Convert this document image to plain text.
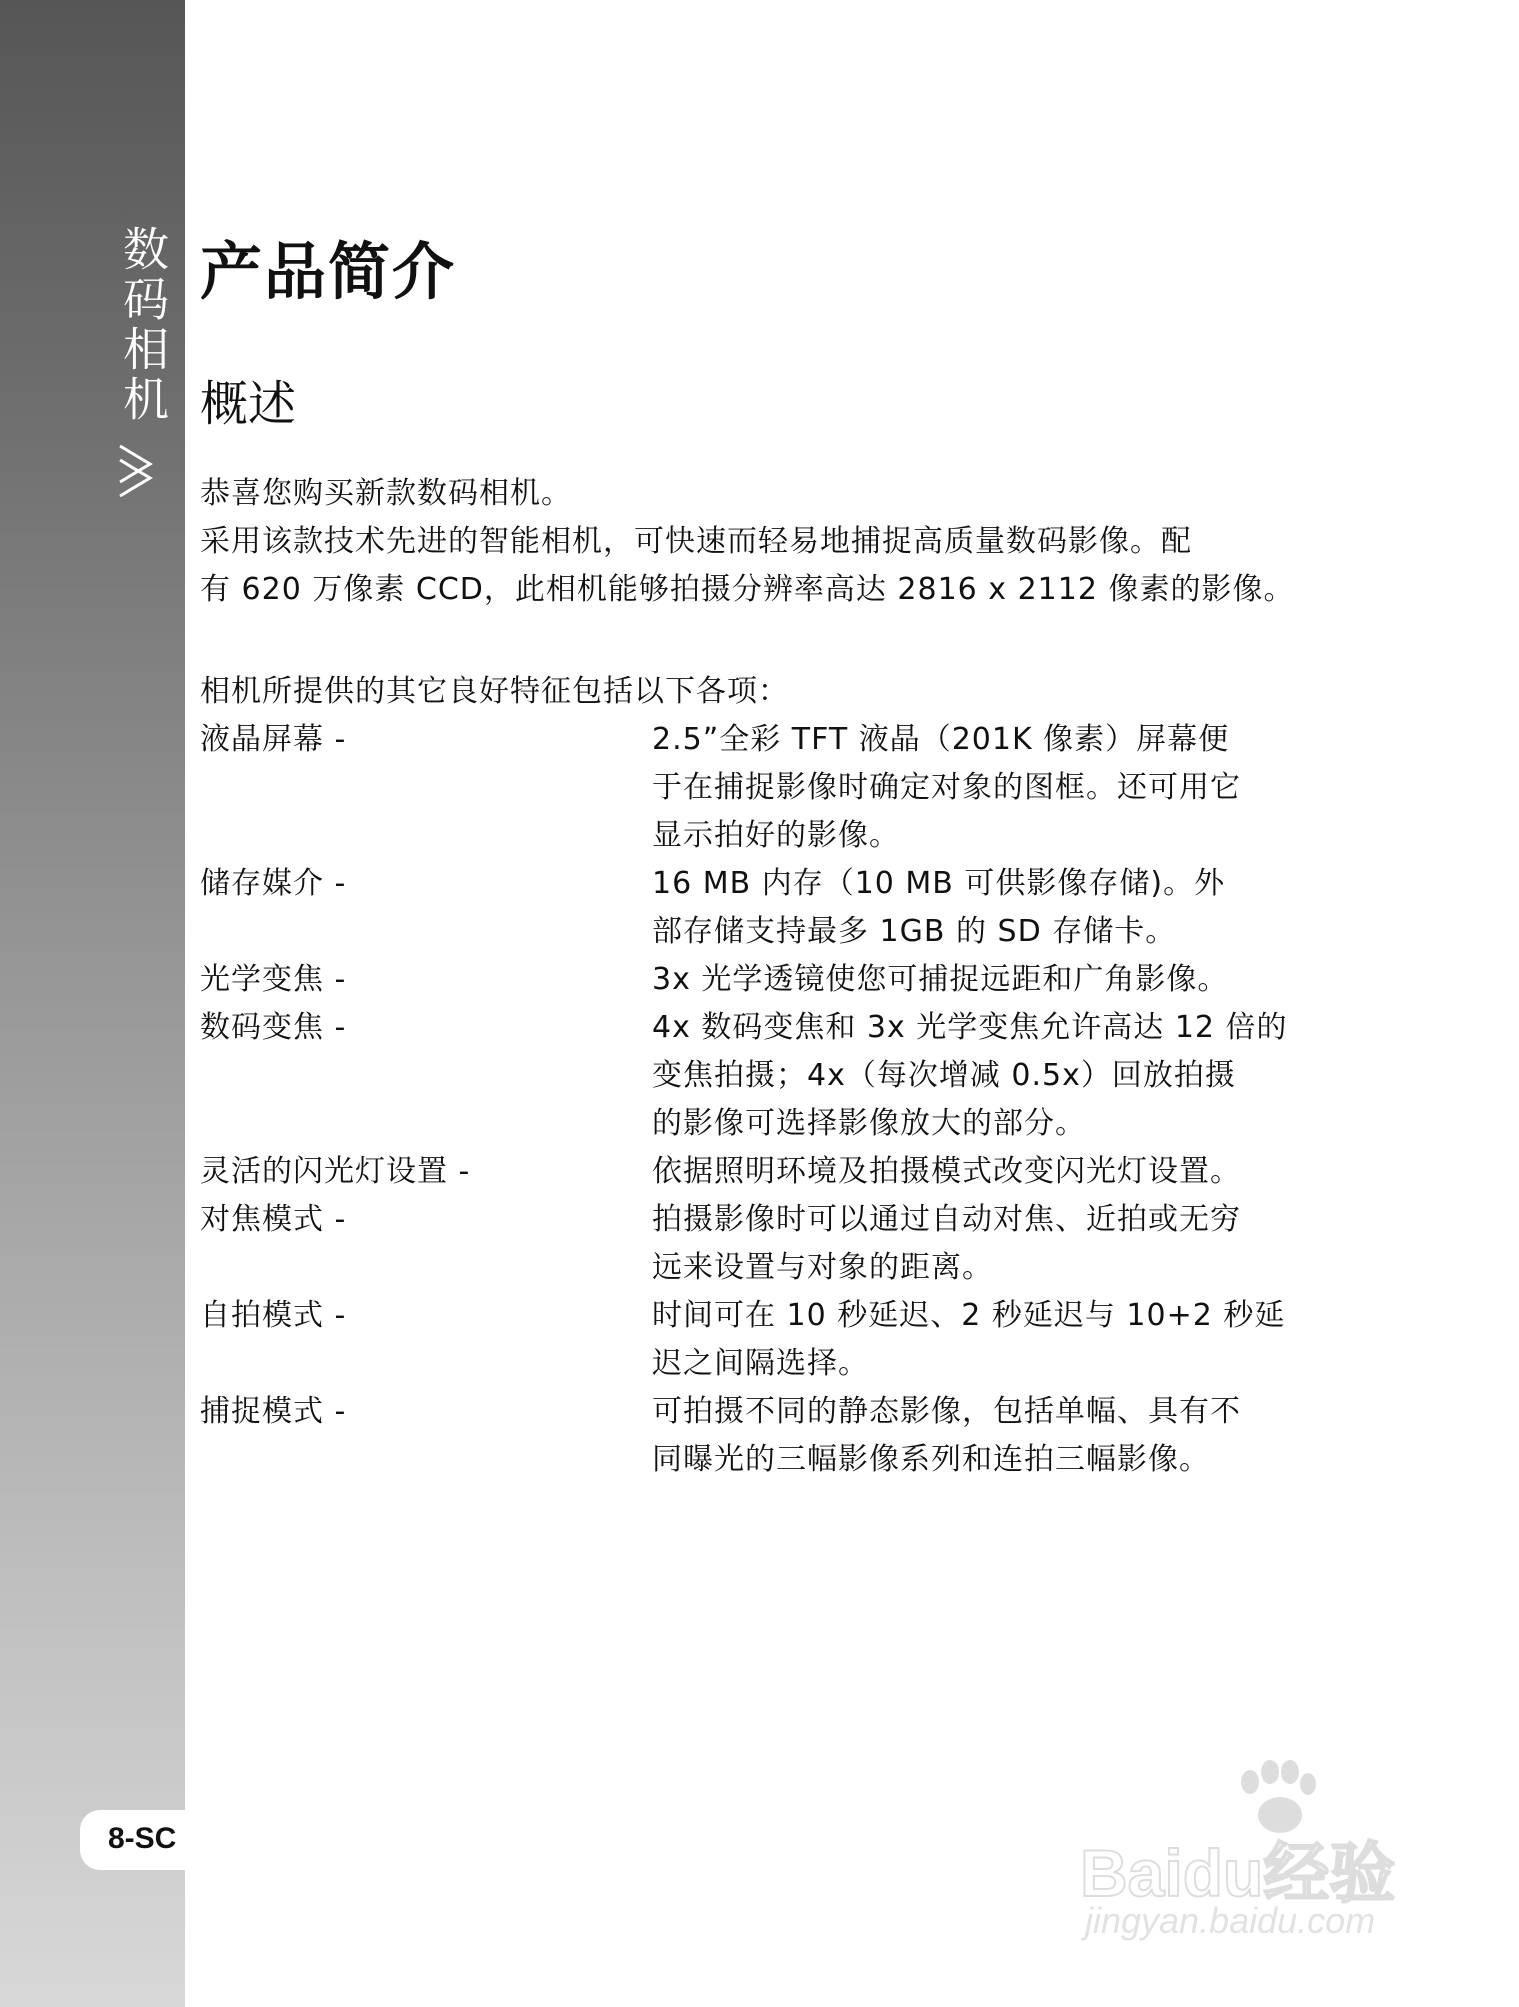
数码相机
8-SC
产品简介
概述
恭喜您购买新款数码相机。
采用该款技术先进的智能相机，可快速而轻易地捕捉高质量数码影像。配
有 620 万像素 CCD，此相机能够拍摄分辨率高达 2816 x 2112 像素的影像。
相机所提供的其它良好特征包括以下各项：
液晶屏幕 -	2.5”全彩 TFT 液晶（201K 像素）屏幕便
于在捕捉影像时确定对象的图框。还可用它
显示拍好的影像。
储存媒介 -	16 MB 内存（10 MB 可供影像存储)。外
部存储支持最多 1GB 的 SD 存储卡。
光学变焦 -	3x 光学透镜使您可捕捉远距和广角影像。
数码变焦 -	4x 数码变焦和 3x 光学变焦允许高达 12 倍的
变焦拍摄；4x（每次增减 0.5x）回放拍摄
的影像可选择影像放大的部分。
灵活的闪光灯设置 -	依据照明环境及拍摄模式改变闪光灯设置。
对焦模式 -	拍摄影像时可以通过自动对焦、近拍或无穷
远来设置与对象的距离。
自拍模式 -	时间可在 10 秒延迟、2 秒延迟与 10+2 秒延
迟之间隔选择。
捕捉模式 -	可拍摄不同的静态影像，包括单幅、具有不
同曝光的三幅影像系列和连拍三幅影像。
Baidu经验
jingyan.baidu.com
